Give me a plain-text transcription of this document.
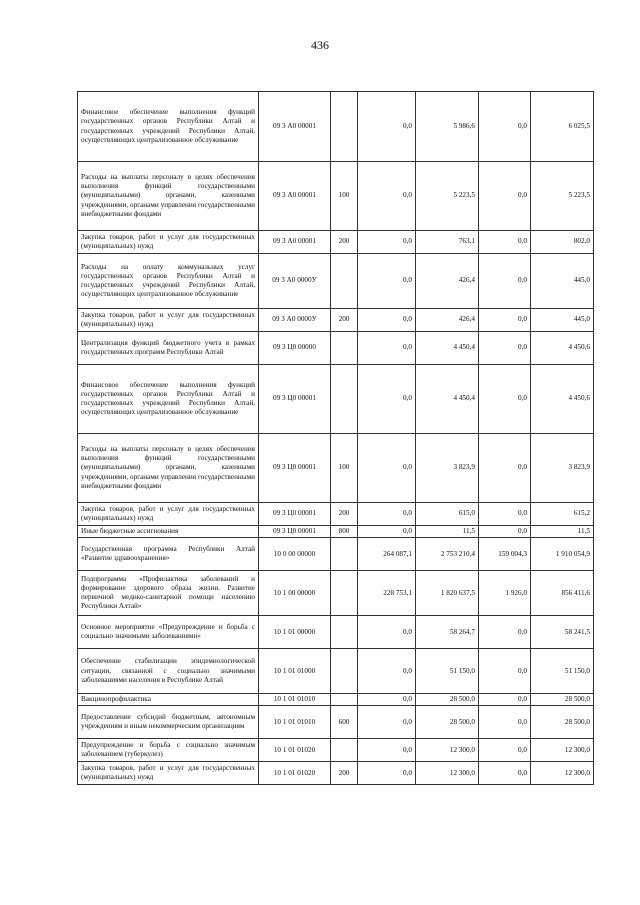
436
Финансовое обеспечение выполнения функций государственных органов Республики Алтай и государственных учреждений Республики Алтай, осуществляющих централизованное обслуживание	09 3 А0 00001		0,0	5 986,6	0,0	6 025,5
Расходы на выплаты персоналу в целях обеспечения выполнения функций государственными (муниципальными) органами, казенными учреждениями, органами управления государственными внебюджетными фондами	09 3 А0 00001	100	0,0	5 223,5	0,0	5 223,5
Закупка товаров, работ и услуг для государственных (муниципальных) нужд	09 3 А0 00001	200	0,0	763,1	0,0	802,0
Расходы на оплату коммунальных услуг государственных органов Республики Алтай и государственных учреждений Республики Алтай, осуществляющих централизованное обслуживание	09 3 А0 0000У		0,0	426,4	0,0	445,0
Закупка товаров, работ и услуг для государственных (муниципальных) нужд	09 3 А0 0000У	200	0,0	426,4	0,0	445,0
Централизация функций бюджетного учета в рамках государственных программ Республики Алтай	09 3 Ц0 00000		0,0	4 450,4	0,0	4 450,6
Финансовое обеспечение выполнения функций государственных органов Республики Алтай и государственных учреждений Республики Алтай, осуществляющих централизованное обслуживание	09 3 Ц0 00001		0,0	4 450,4	0,0	4 450,6
Расходы на выплаты персоналу в целях обеспечения выполнения функций государственными (муниципальными) органами, казенными учреждениями, органами управления государственными внебюджетными фондами	09 3 Ц0 00001	100	0,0	3 823,9	0,0	3 823,9
Закупка товаров, работ и услуг для государственных (муниципальных) нужд	09 3 Ц0 00001	200	0,0	615,0	0,0	615,2
Иные бюджетные ассигнования	09 3 Ц0 00001	800	0,0	11,5	0,0	11,5
Государственная программа Республики Алтай «Развитие здравоохранения»	10 0 00 00000		264 087,1	2 753 210,4	159 004,3	1 910 054,9
Подпрограмма «Профилактика заболеваний и формирование здорового образа жизни. Развитие первичной медико-санитарной помощи населению Республики Алтай»	10 1 00 00000		228 753,1	1 820 637,5	1 926,0	856 411,6
Основное мероприятие «Предупреждение и борьба с социально значимыми заболеваниями»	10 1 01 00000		0,0	58 264,7	0,0	58 241,5
Обеспечение стабилизации эпидемиологической ситуации, связанной с социально значимыми заболеваниями населения в Республике Алтай	10 1 01 01000		0,0	51 150,0	0,0	51 150,0
Вакцинопрофилактика	10 1 01 01010		0,0	28 500,0	0,0	28 500,0
Предоставление субсидий бюджетным, автономным учреждениям и иным некоммерческим организациям	10 1 01 01010	600	0,0	28 500,0	0,0	28 500,0
Предупреждение и борьба с социально значимым заболеванием (туберкулез)	10 1 01 01020		0,0	12 300,0	0,0	12 300,0
Закупка товаров, работ и услуг для государственных (муниципальных) нужд	10 1 01 01020	200	0,0	12 300,0	0,0	12 300,0
